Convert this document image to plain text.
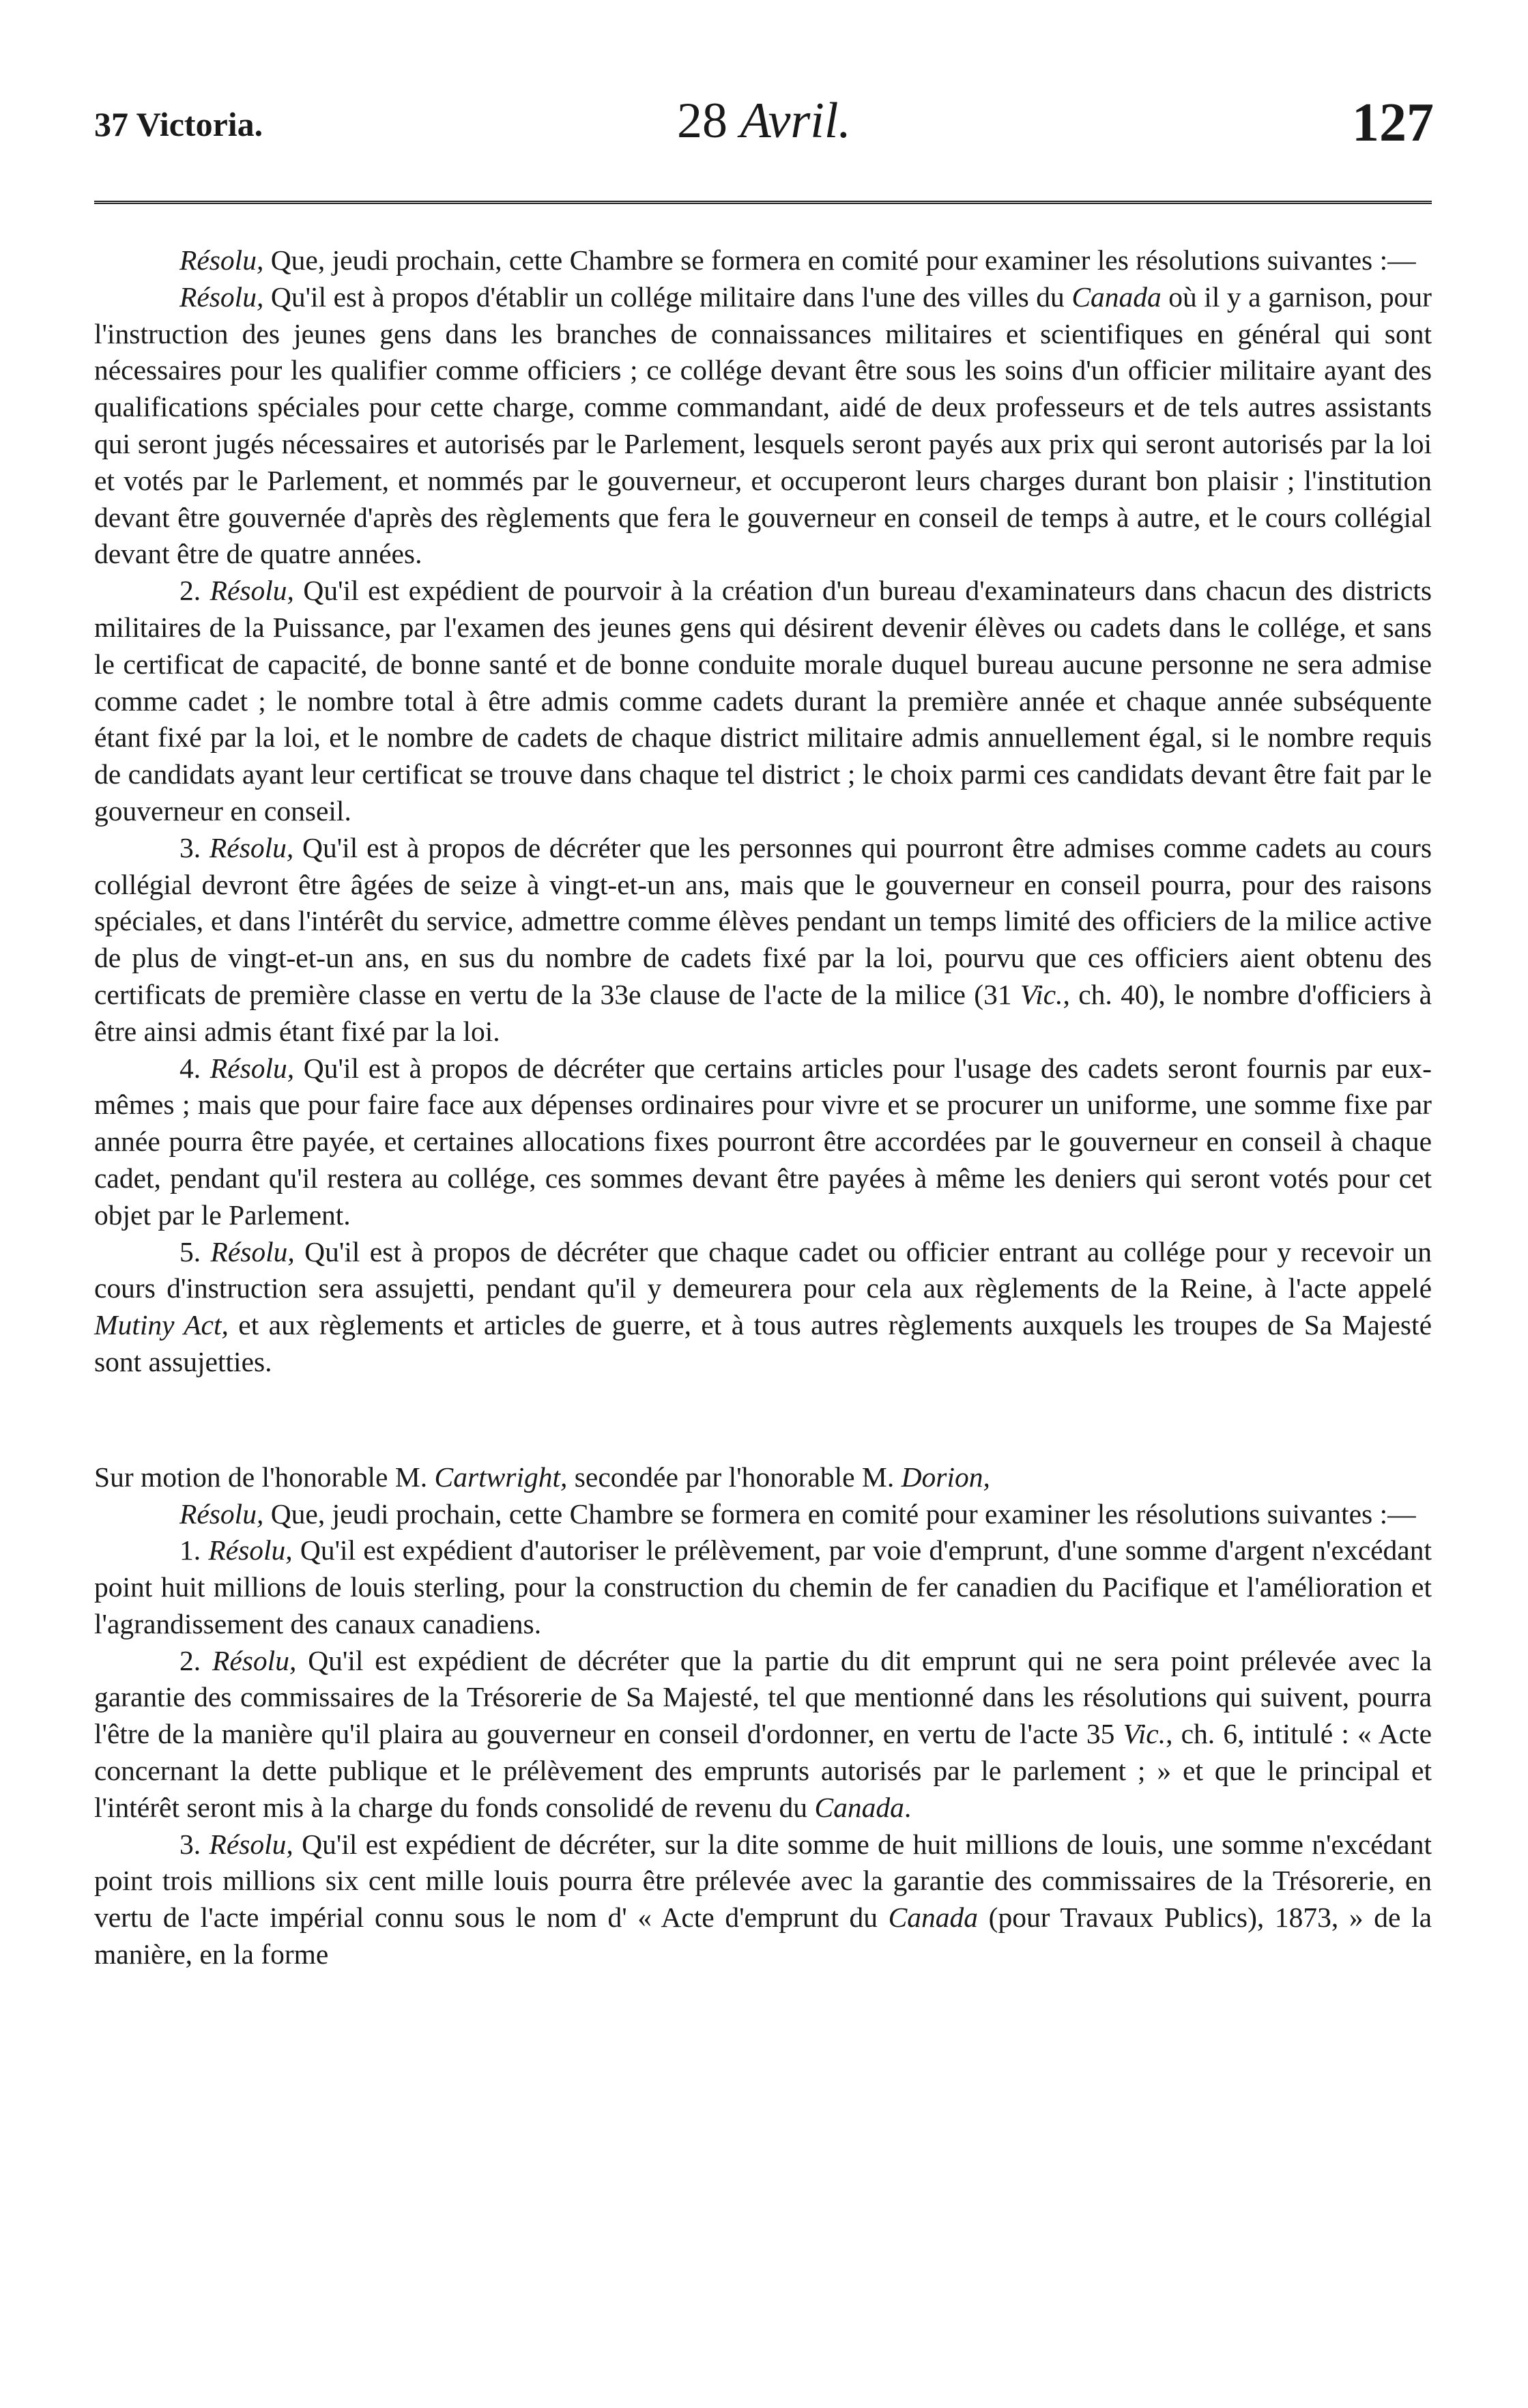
37 Victoria.	28 Avril.	127

Résolu, Que, jeudi prochain, cette Chambre se formera en comité pour examiner les résolutions suivantes :—

Résolu, Qu'il est à propos d'établir un collége militaire dans l'une des villes du Canada où il y a garnison, pour l'instruction des jeunes gens dans les branches de connaissances militaires et scientifiques en général qui sont nécessaires pour les qualifier comme officiers ; ce collége devant être sous les soins d'un officier militaire ayant des qualifications spéciales pour cette charge, comme commandant, aidé de deux professeurs et de tels autres assistants qui seront jugés nécessaires et autorisés par le Parlement, lesquels seront payés aux prix qui seront autorisés par la loi et votés par le Parlement, et nommés par le gouverneur, et occuperont leurs charges durant bon plaisir ; l'institution devant être gouvernée d'après des règlements que fera le gouverneur en conseil de temps à autre, et le cours collégial devant être de quatre années.

2. Résolu, Qu'il est expédient de pourvoir à la création d'un bureau d'examinateurs dans chacun des districts militaires de la Puissance, par l'examen des jeunes gens qui désirent devenir élèves ou cadets dans le collége, et sans le certificat de capacité, de bonne santé et de bonne conduite morale duquel bureau aucune personne ne sera admise comme cadet ; le nombre total à être admis comme cadets durant la première année et chaque année subséquente étant fixé par la loi, et le nombre de cadets de chaque district militaire admis annuellement égal, si le nombre requis de candidats ayant leur certificat se trouve dans chaque tel district ; le choix parmi ces candidats devant être fait par le gouverneur en conseil.

3. Résolu, Qu'il est à propos de décréter que les personnes qui pourront être admises comme cadets au cours collégial devront être âgées de seize à vingt-et-un ans, mais que le gouverneur en conseil pourra, pour des raisons spéciales, et dans l'intérêt du service, admettre comme élèves pendant un temps limité des officiers de la milice active de plus de vingt-et-un ans, en sus du nombre de cadets fixé par la loi, pourvu que ces officiers aient obtenu des certificats de première classe en vertu de la 33e clause de l'acte de la milice (31 Vic., ch. 40), le nombre d'officiers à être ainsi admis étant fixé par la loi.

4. Résolu, Qu'il est à propos de décréter que certains articles pour l'usage des cadets seront fournis par eux-mêmes ; mais que pour faire face aux dépenses ordinaires pour vivre et se procurer un uniforme, une somme fixe par année pourra être payée, et certaines allocations fixes pourront être accordées par le gouverneur en conseil à chaque cadet, pendant qu'il restera au collége, ces sommes devant être payées à même les deniers qui seront votés pour cet objet par le Parlement.

5. Résolu, Qu'il est à propos de décréter que chaque cadet ou officier entrant au collége pour y recevoir un cours d'instruction sera assujetti, pendant qu'il y demeurera pour cela aux règlements de la Reine, à l'acte appelé Mutiny Act, et aux règlements et articles de guerre, et à tous autres règlements auxquels les troupes de Sa Majesté sont assujetties.

Sur motion de l'honorable M. Cartwright, secondée par l'honorable M. Dorion,

Résolu, Que, jeudi prochain, cette Chambre se formera en comité pour examiner les résolutions suivantes :—

1. Résolu, Qu'il est expédient d'autoriser le prélèvement, par voie d'emprunt, d'une somme d'argent n'excédant point huit millions de louis sterling, pour la construction du chemin de fer canadien du Pacifique et l'amélioration et l'agrandissement des canaux canadiens.

2. Résolu, Qu'il est expédient de décréter que la partie du dit emprunt qui ne sera point prélevée avec la garantie des commissaires de la Trésorerie de Sa Majesté, tel que mentionné dans les résolutions qui suivent, pourra l'être de la manière qu'il plaira au gouverneur en conseil d'ordonner, en vertu de l'acte 35 Vic., ch. 6, intitulé : « Acte concernant la dette publique et le prélèvement des emprunts autorisés par le parlement ; » et que le principal et l'intérêt seront mis à la charge du fonds consolidé de revenu du Canada.

3. Résolu, Qu'il est expédient de décréter, sur la dite somme de huit millions de louis, une somme n'excédant point trois millions six cent mille louis pourra être prélevée avec la garantie des commissaires de la Trésorerie, en vertu de l'acte impérial connu sous le nom d' « Acte d'emprunt du Canada (pour Travaux Publics), 1873, » de la manière, en la forme
